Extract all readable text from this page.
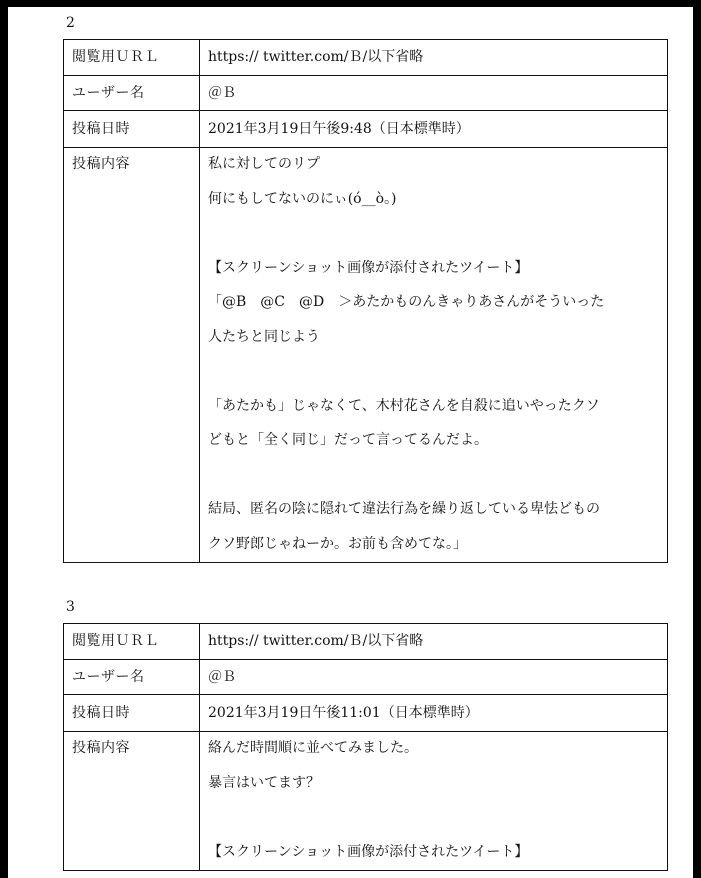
2
閲覧用ＵＲＬ	https:// twitter.com/Ｂ/以下省略
ユーザー名	＠Ｂ
投稿日時	2021年3月19日午後9:48（日本標準時）
投稿内容	私に対してのリプ
何にもしてないのにぃ(ó__ò｡)
【スクリーンショット画像が添付されたツイート】
「@B　@C　@D　＞あたかものんきゃりあさんがそういった
人たちと同じよう
「あたかも」じゃなくて、木村花さんを自殺に追いやったクソ
どもと「全く同じ」だって言ってるんだよ。
結局、匿名の陰に隠れて違法行為を繰り返している卑怯どもの
クソ野郎じゃねーか。お前も含めてな。」
3
閲覧用ＵＲＬ	https:// twitter.com/Ｂ/以下省略
ユーザー名	＠Ｂ
投稿日時	2021年3月19日午後11:01（日本標準時）
投稿内容	絡んだ時間順に並べてみました。
暴言はいてます？
【スクリーンショット画像が添付されたツイート】
